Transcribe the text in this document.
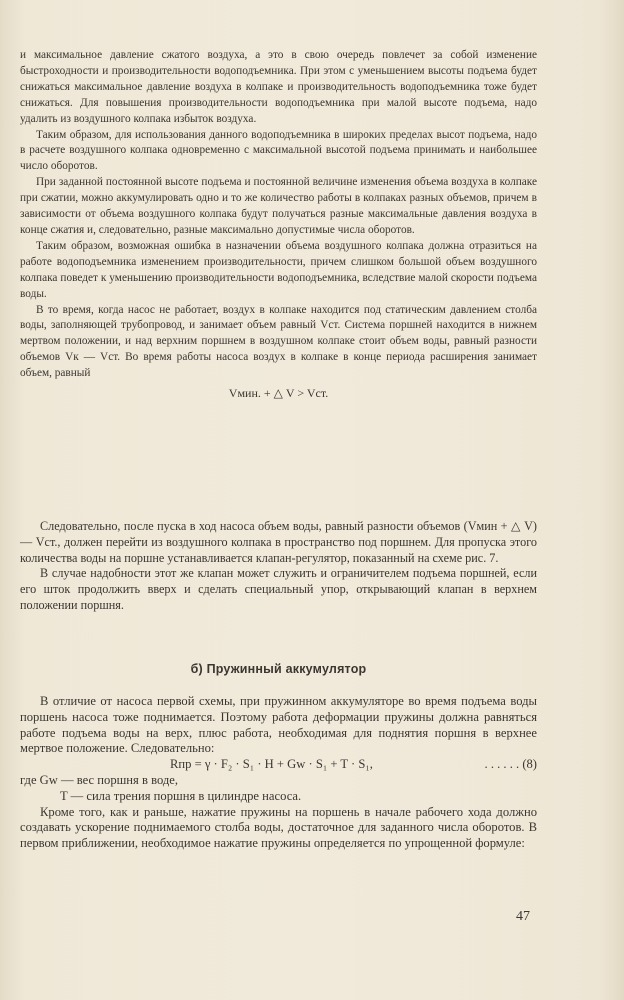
и максимальное давление сжатого воздуха, а это в свою очередь повлечет за собой изменение быстроходности и производительности водоподъемника. При этом с уменьшением высоты подъема будет снижаться максимальное давление воздуха в колпаке и производительность водоподъемника тоже будет снижаться. Для повышения производительности водоподъемника при малой высоте подъема, надо удалить из воздушного колпака избыток воздуха.

Таким образом, для использования данного водоподъемника в широких пределах высот подъема, надо в расчете воздушного колпака одновременно с максимальной высотой подъема принимать и наибольшее число оборотов.

При заданной постоянной высоте подъема и постоянной величине изменения объема воздуха в колпаке при сжатии, можно аккумулировать одно и то же количество работы в колпаках разных объемов, причем в зависимости от объема воздушного колпака будут получаться разные максимальные давления воздуха в конце сжатия и, следовательно, разные максимально допустимые числа оборотов.

Таким образом, возможная ошибка в назначении объема воздушного колпака должна отразиться на работе водоподъемника изменением производительности, причем слишком большой объем воздушного колпака поведет к уменьшению производительности водоподъемника, вследствие малой скорости подъема воды.

В то время, когда насос не работает, воздух в колпаке находится под статическим давлением столба воды, заполняющей трубопровод, и занимает объем равный Vст. Система поршней находится в нижнем мертвом положении, и над верхним поршнем в воздушном колпаке стоит объем воды, равный разности объемов Vк — Vст. Во время работы насоса воздух в колпаке в конце периода расширения занимает объем, равный

Vмин. + △ V > Vст.

Следовательно, после пуска в ход насоса объем воды, равный разности объемов (Vмин + △ V) — Vст., должен перейти из воздушного колпака в пространство под поршнем. Для пропуска этого количества воды на поршне устанавливается клапан-регулятор, показанный на схеме рис. 7.

В случае надобности этот же клапан может служить и ограничителем подъема поршней, если его шток продолжить вверх и сделать специальный упор, открывающий клапан в верхнем положении поршня.

б) Пружинный аккумулятор

В отличие от насоса первой схемы, при пружинном аккумуляторе во время подъема воды поршень насоса тоже поднимается. Поэтому работа деформации пружины должна равняться работе подъема воды на верх, плюс работа, необходимая для поднятия поршня в верхнее мертвое положение. Следовательно:

Rпр = γ · F₂ · S₁ · H + Gw · S₁ + T · S₁,	. . . . . . (8)

где Gw — вес поршня в воде,

T — сила трения поршня в цилиндре насоса.

Кроме того, как и раньше, нажатие пружины на поршень в начале рабочего хода должно создавать ускорение поднимаемого столба воды, достаточное для заданного числа оборотов. В первом приближении, необходимое нажатие пружины определяется по упрощенной формуле:

47
